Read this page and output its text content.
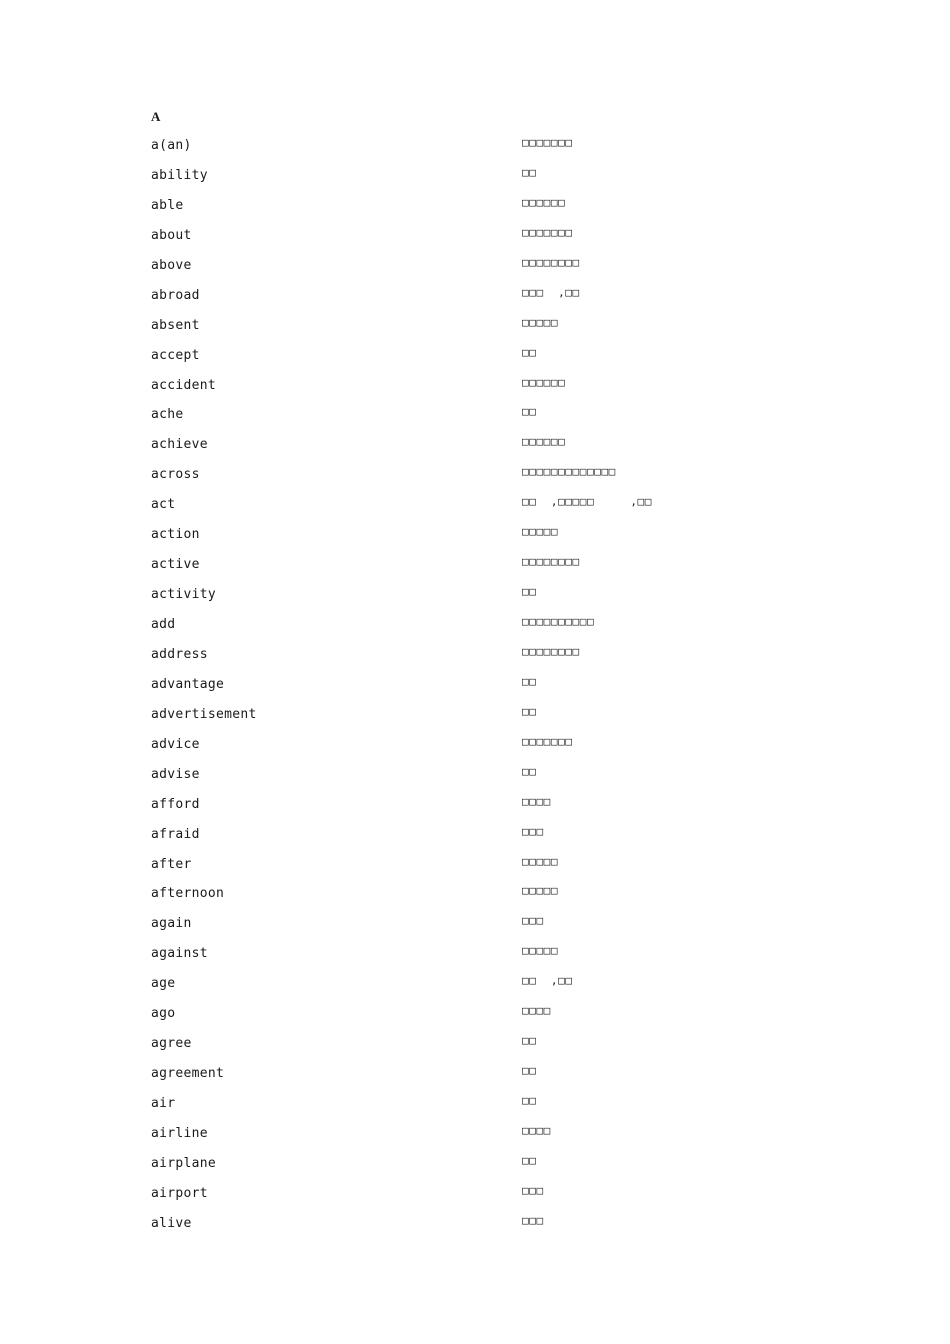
A
a(an)	□□□□□□□
ability	□□
able	□□□□□□
about	□□□□□□□
above	□□□□□□□□
abroad	□□□  ,□□
absent	□□□□□
accept	□□
accident	□□□□□□
ache	□□
achieve	□□□□□□
across	□□□□□□□□□□□□□
act	□□  ,□□□□□     ,□□
action	□□□□□
active	□□□□□□□□
activity	□□
add	□□□□□□□□□□
address	□□□□□□□□
advantage	□□
advertisement	□□
advice	□□□□□□□
advise	□□
afford	□□□□
afraid	□□□
after	□□□□□
afternoon	□□□□□
again	□□□
against	□□□□□
age	□□  ,□□
ago	□□□□
agree	□□
agreement	□□
air	□□
airline	□□□□
airplane	□□
airport	□□□
alive	□□□
